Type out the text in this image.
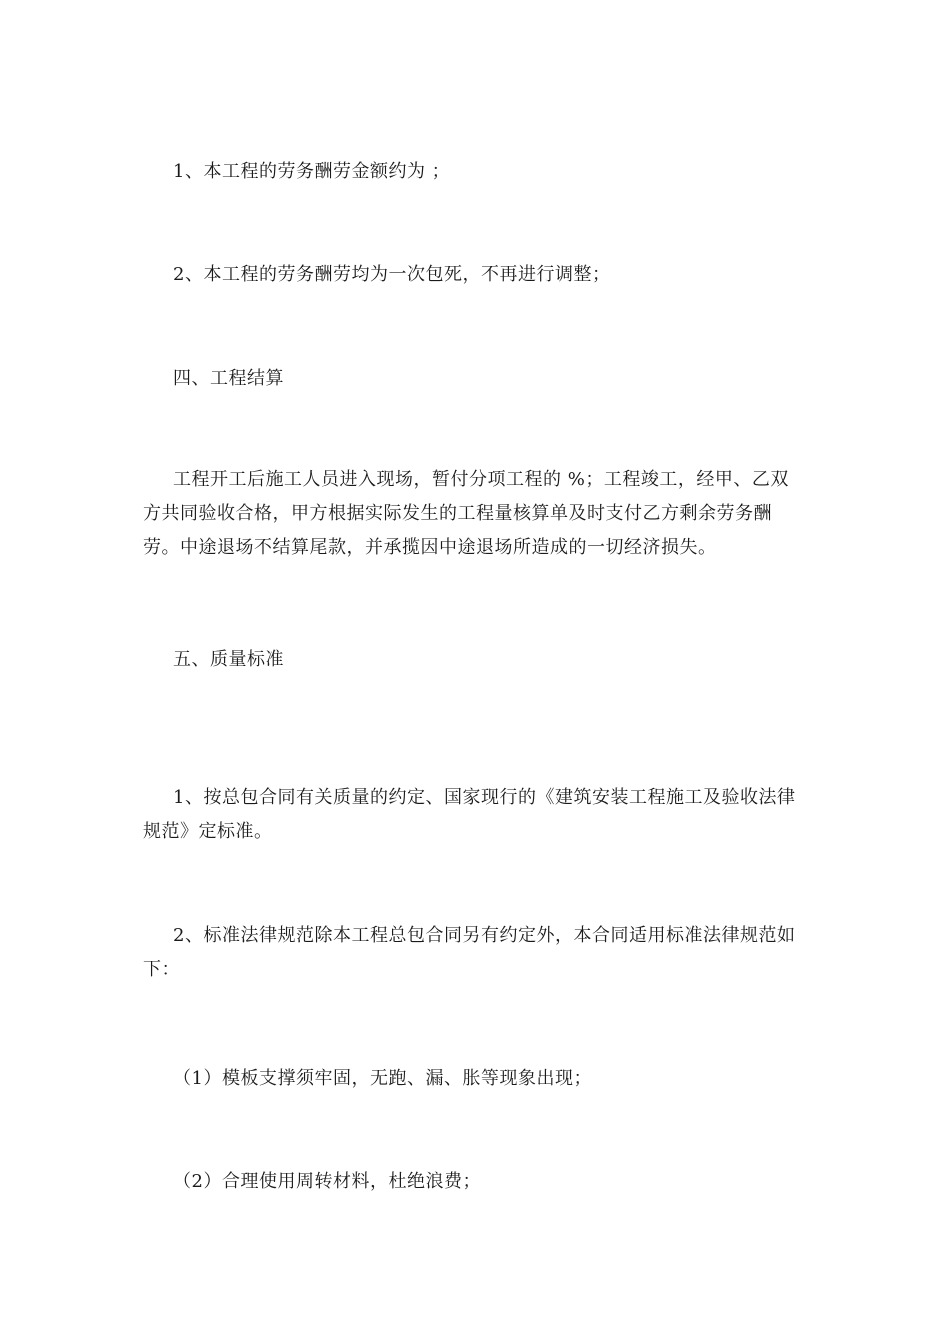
1、本工程的劳务酬劳金额约为 ；

2、本工程的劳务酬劳均为一次包死，不再进行调整；

四、工程结算

工程开工后施工人员进入现场，暂付分项工程的 %；工程竣工，经甲、乙双方共同验收合格，甲方根据实际发生的工程量核算单及时支付乙方剩余劳务酬劳。中途退场不结算尾款，并承揽因中途退场所造成的一切经济损失。

五、质量标准

1、按总包合同有关质量的约定、国家现行的《建筑安装工程施工及验收法律规范》定标准。

2、标准法律规范除本工程总包合同另有约定外，本合同适用标准法律规范如下：

（1）模板支撑须牢固，无跑、漏、胀等现象出现；

（2）合理使用周转材料，杜绝浪费；
